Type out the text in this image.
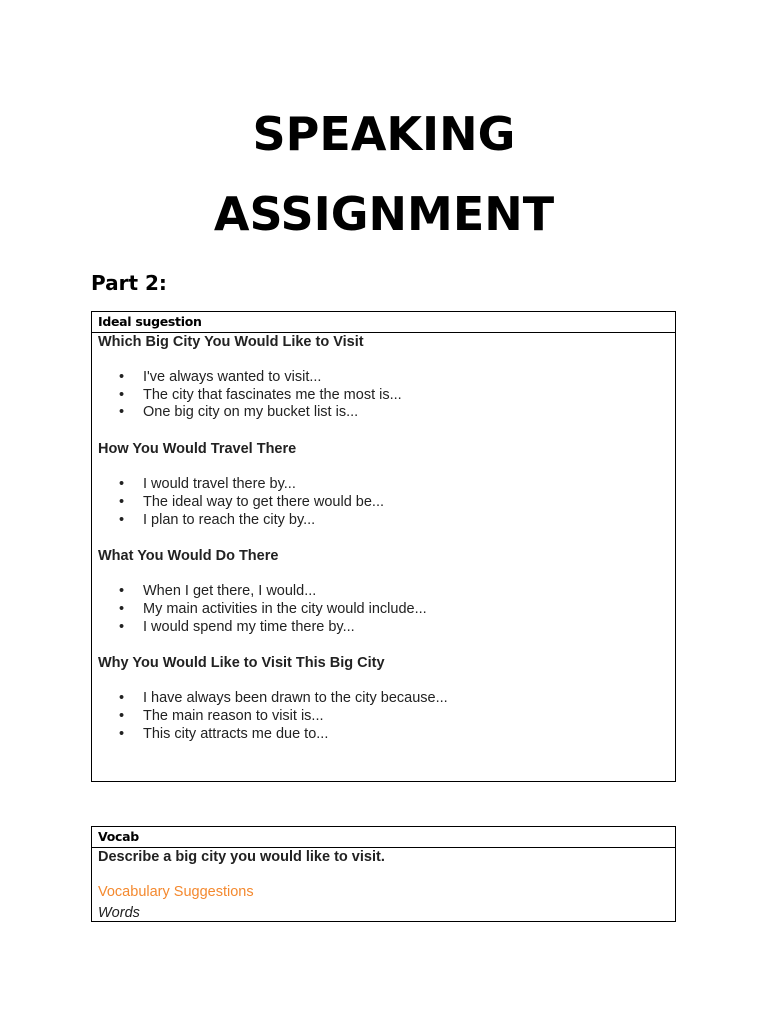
SPEAKING
ASSIGNMENT
Part 2:
Ideal sugestion

Which Big City You Would Like to Visit

• I've always wanted to visit...
• The city that fascinates me the most is...
• One big city on my bucket list is...

How You Would Travel There

• I would travel there by...
• The ideal way to get there would be...
• I plan to reach the city by...

What You Would Do There

• When I get there, I would...
• My main activities in the city would include...
• I would spend my time there by...

Why You Would Like to Visit This Big City

• I have always been drawn to the city because...
• The main reason to visit is...
• This city attracts me due to...
Vocab

Describe a big city you would like to visit.

Vocabulary Suggestions
Words
